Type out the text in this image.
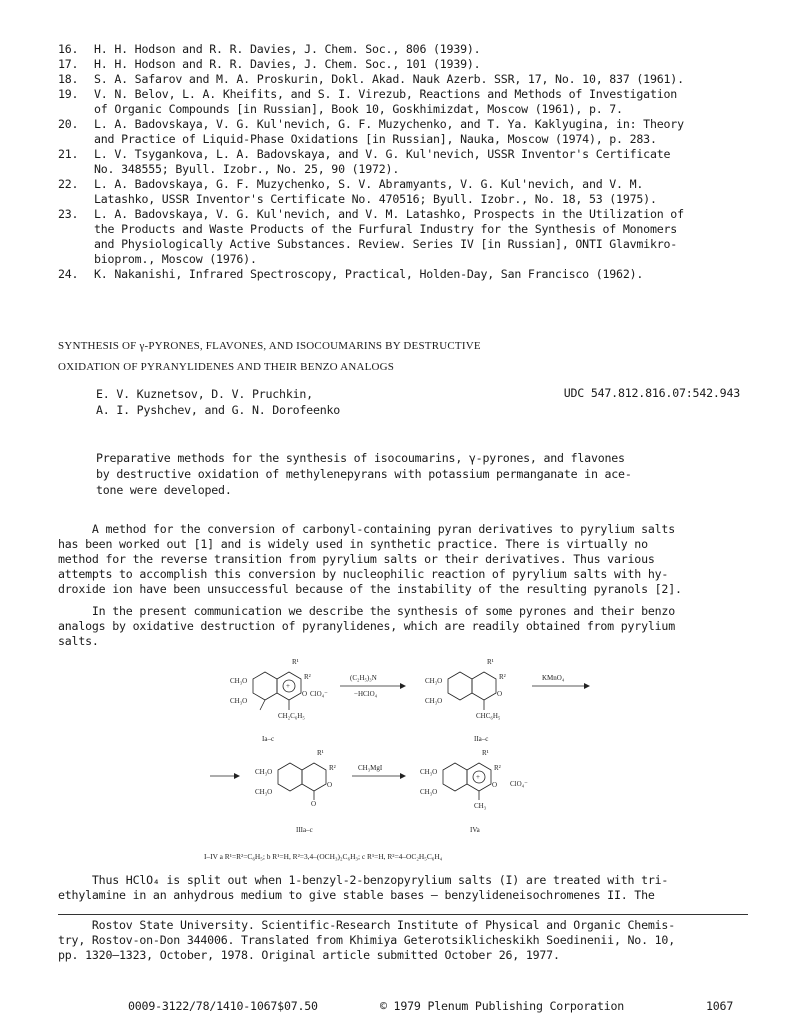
16.	H. H. Hodson and R. R. Davies, J. Chem. Soc., 806 (1939).
17.	H. H. Hodson and R. R. Davies, J. Chem. Soc., 101 (1939).
18.	S. A. Safarov and M. A. Proskurin, Dokl. Akad. Nauk Azerb. SSR, 17, No. 10, 837 (1961).
19.	V. N. Belov, L. A. Kheifits, and S. I. Virezub, Reactions and Methods of Investigation
of Organic Compounds [in Russian], Book 10, Goskhimizdat, Moscow (1961), p. 7.
20.	L. A. Badovskaya, V. G. Kul'nevich, G. F. Muzychenko, and T. Ya. Kaklyugina, in: Theory
and Practice of Liquid-Phase Oxidations [in Russian], Nauka, Moscow (1974), p. 283.
21.	L. V. Tsygankova, L. A. Badovskaya, and V. G. Kul'nevich, USSR Inventor's Certificate
No. 348555; Byull. Izobr., No. 25, 90 (1972).
22.	L. A. Badovskaya, G. F. Muzychenko, S. V. Abramyants, V. G. Kul'nevich, and V. M.
Latashko, USSR Inventor's Certificate No. 470516; Byull. Izobr., No. 18, 53 (1975).
23.	L. A. Badovskaya, V. G. Kul'nevich, and V. M. Latashko, Prospects in the Utilization of
the Products and Waste Products of the Furfural Industry for the Synthesis of Monomers
and Physiologically Active Substances. Review. Series IV [in Russian], ONTI Glavmikro-
bioprom., Moscow (1976).
24.	K. Nakanishi, Infrared Spectroscopy, Practical, Holden-Day, San Francisco (1962).
SYNTHESIS OF γ-PYRONES, FLAVONES, AND ISOCOUMARINS BY DESTRUCTIVE
OXIDATION OF PYRANYLIDENES AND THEIR BENZO ANALOGS
E. V. Kuznetsov, D. V. Pruchkin,
A. I. Pyshchev, and G. N. Dorofeenko
UDC 547.812.816.07:542.943
Preparative methods for the synthesis of isocoumarins, γ-pyrones, and flavones
by destructive oxidation of methylenepyrans with potassium permanganate in ace-
tone were developed.
A method for the conversion of carbonyl-containing pyran derivatives to pyrylium salts
has been worked out [1] and is widely used in synthetic practice. There is virtually no
method for the reverse transition from pyrylium salts or their derivatives. Thus various
attempts to accomplish this conversion by nucleophilic reaction of pyrylium salts with hy-
droxide ion have been unsuccessful because of the instability of the resulting pyranols [2].
In the present communication we describe the synthesis of some pyrones and their benzo
analogs by oxidative destruction of pyranylidenes, which are readily obtained from pyrylium
salts.
CH₃O
CH₃O
R¹
R²
+
O ClO₄⁻
CH₂C₆H₅
Ia–c
(C₂H₅)₃N
−HClO₄
CH₃O
CH₃O
R¹
R²
O
CHC₆H₅
IIa–c
KMnO₄
CH₃O
CH₃O
R¹
R²
O
O
IIIa–c
CH₃MgI	CH₃O
CH₃O
R¹
R²
+
O ClO₄⁻
CH₃
IVa
I–IV a R¹=R²=C₆H₅; b R¹=H, R²=3,4–(OCH₃)₂C₆H₃; c R¹=H, R²=4–OC₂H₅C₆H₄
Thus HClO₄ is split out when 1-benzyl-2-benzopyrylium salts (I) are treated with tri-
ethylamine in an anhydrous medium to give stable bases — benzylideneisochromenes II. The
Rostov State University. Scientific-Research Institute of Physical and Organic Chemis-
try, Rostov-on-Don 344006. Translated from Khimiya Geterotsiklicheskikh Soedinenii, No. 10,
pp. 1320–1323, October, 1978. Original article submitted October 26, 1977.
0009-3122/78/1410-1067$07.50	© 1979 Plenum Publishing Corporation	1067
